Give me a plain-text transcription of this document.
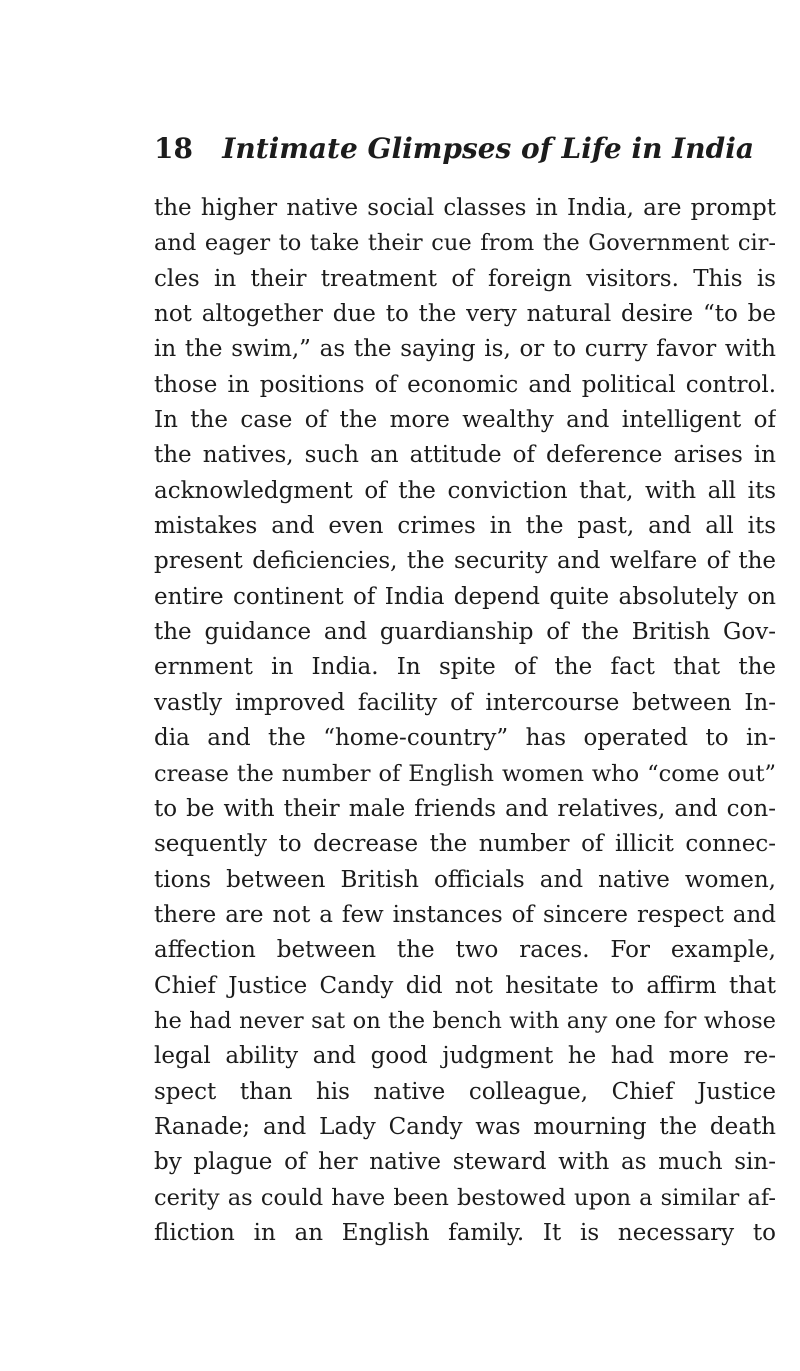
18	Intimate Glimpses of Life in India
the higher native social classes in India, are prompt
and eager to take their cue from the Government cir-
cles in their treatment of foreign visitors. This is
not altogether due to the very natural desire “to be
in the swim,” as the saying is, or to curry favor with
those in positions of economic and political control.
In the case of the more wealthy and intelligent of
the natives, such an attitude of deference arises in
acknowledgment of the conviction that, with all its
mistakes and even crimes in the past, and all its
present deficiencies, the security and welfare of the
entire continent of India depend quite absolutely on
the guidance and guardianship of the British Gov-
ernment in India. In spite of the fact that the
vastly improved facility of intercourse between In-
dia and the “home-country” has operated to in-
crease the number of English women who “come out”
to be with their male friends and relatives, and con-
sequently to decrease the number of illicit connec-
tions between British officials and native women,
there are not a few instances of sincere respect and
affection between the two races. For example,
Chief Justice Candy did not hesitate to affirm that
he had never sat on the bench with any one for whose
legal ability and good judgment he had more re-
spect than his native colleague, Chief Justice
Ranade; and Lady Candy was mourning the death
by plague of her native steward with as much sin-
cerity as could have been bestowed upon a similar af-
fliction in an English family. It is necessary to
